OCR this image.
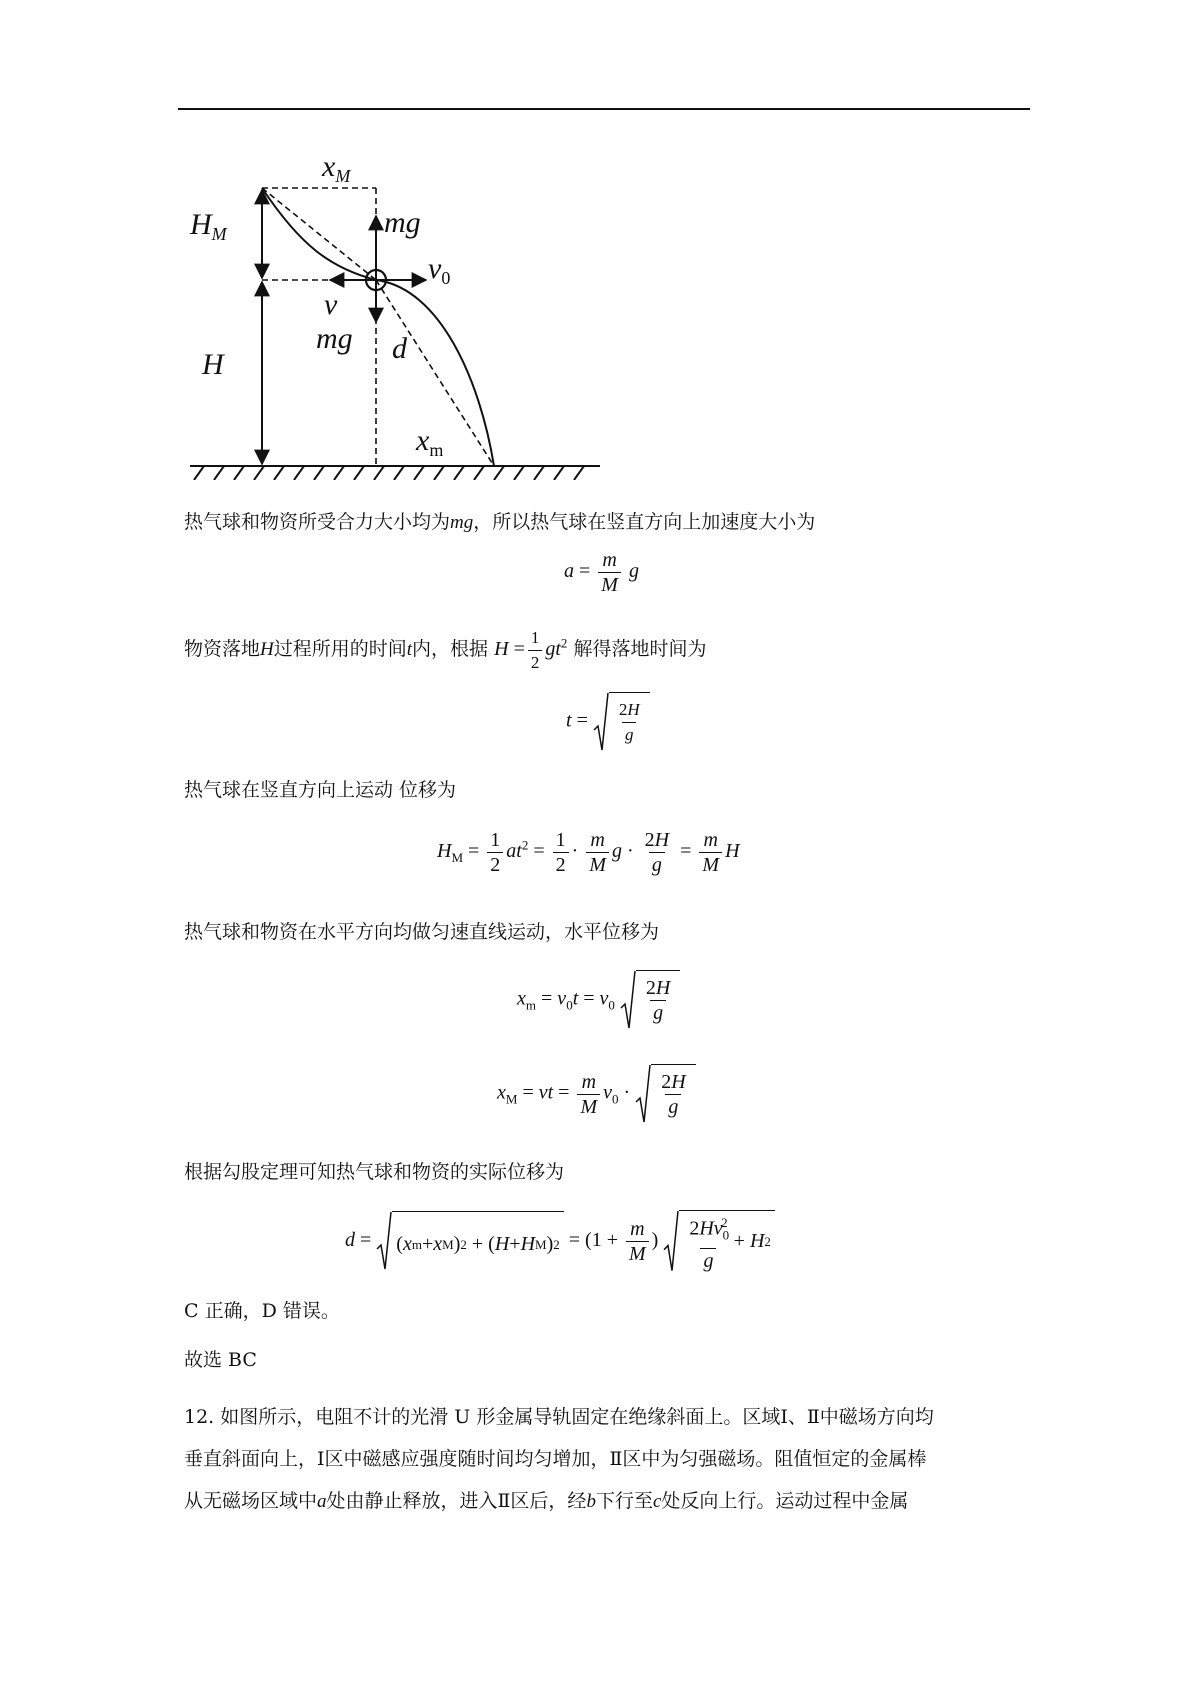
$x_M$
$H_M$	mg
$v_0$
v
mg d
H
$x_m$
热气球和物资所受合力大小均为mg，所以热气球在竖直方向上加速度大小为
$a = \frac{m}{M}$ g
物资落地H过程所用的时间t内，根据 $H = \frac{1}{2} gt^2$ 解得落地时间为
$t = \frac{2H}{g}$
热气球在竖直方向上运动 位移为
$H_M = \frac{1}{2} at^2 = \frac{1}{2} \cdot \frac{m}{M}$ $g \cdot \frac{2H}{g} = \frac{m}{M}$ H
热气球和物资在水平方向均做匀速直线运动，水平位移为
$x_m = v_0t = v_0 \frac{2H}{g}$
$x_M$ = vt = $\frac{m}{M} v_0 \cdot \frac{2H}{g}$
根据勾股定理可知热气球和物资的实际位移为
d = ( x m + x M ) 2
+
( H + H M ) $2 = (1 + \frac{m}{M}$ ) $\frac{2Hv_0^2}{g}$ +
H 2
C 正确，D 错误。
故选 BC
12. 如图所示，电阻不计的光滑 U 形金属导轨固定在绝缘斜面上。区域Ⅰ、Ⅱ中磁场方向均
垂直斜面向上，Ⅰ区中磁感应强度随时间均匀增加，Ⅱ区中为匀强磁场。阻值恒定的金属棒
从无磁场区域中a处由静止释放，进入Ⅱ区后，经b下行至c处反向上行。运动过程中金属
